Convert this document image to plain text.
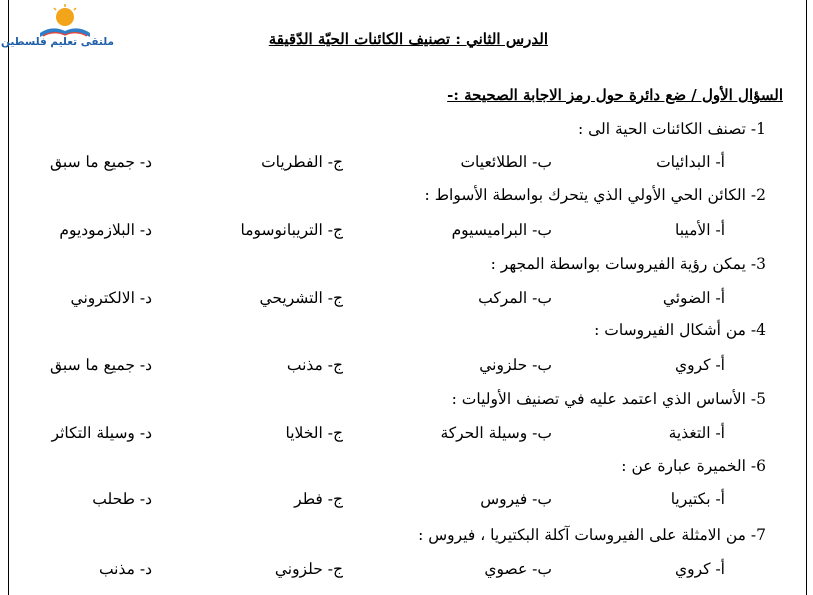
ملتقى تعليم فلسطين	الدرس الثاني : تصنيف الكائنات الحيّة الدّقيقة
السؤال الأول / ضع دائرة حول رمز الاجابة الصحيحة :-
1- تصنف الكائنات الحية الى :
أ- البدائيات
ب- الطلائعيات
ج- الفطريات
د- جميع ما سبق
2- الكائن الحي الأولي الذي يتحرك بواسطة الأسواط :
أ- الأميبا
ب- البراميسيوم
ج- التريبانوسوما
د- البلازموديوم
3- يمكن رؤية الفيروسات بواسطة المجهر :
أ- الضوئي
ب- المركب
ج- التشريحي
د- الالكتروني
4- من أشكال الفيروسات :
أ- كروي
ب- حلزوني
ج- مذنب
د- جميع ما سبق
5- الأساس الذي اعتمد عليه في تصنيف الأوليات :
أ- التغذية
ب- وسيلة الحركة
ج- الخلايا
د- وسيلة التكاثر
6- الخميرة عبارة عن :
أ- بكتيريا
ب- فيروس
ج- فطر
د- طحلب
7- من الامثلة على الفيروسات آكلة البكتيريا ، فيروس :
أ- كروي
ب- عصوي
ج- حلزوني
د- مذنب
